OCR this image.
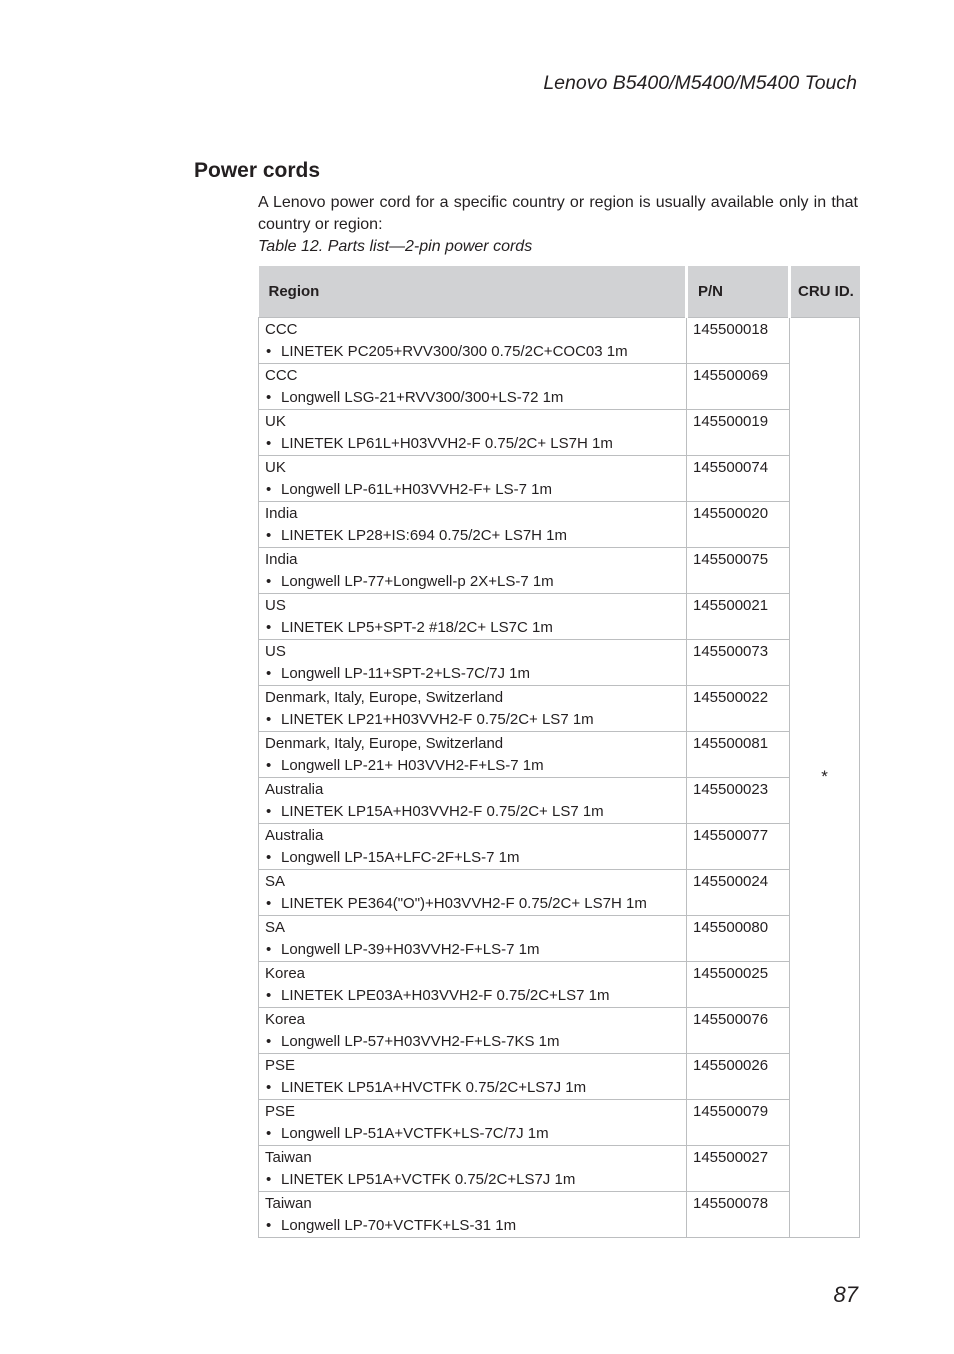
Lenovo B5400/M5400/M5400 Touch
Power cords
A Lenovo power cord for a specific country or region is usually available only in that country or region:
Table 12. Parts list—2-pin power cords
Region	P/N	CRU ID.

CCC
• LINETEK PC205+RVV300/300 0.75/2C+COC03 1m	145500018	*

CCC
• Longwell LSG-21+RVV300/300+LS-72 1m	145500069	

UK
• LINETEK LP61L+H03VVH2-F 0.75/2C+ LS7H 1m	145500019	

UK
• Longwell LP-61L+H03VVH2-F+ LS-7 1m	145500074	

India
• LINETEK LP28+IS:694 0.75/2C+ LS7H 1m	145500020	

India
• Longwell LP-77+Longwell-p 2X+LS-7 1m	145500075	

US
• LINETEK LP5+SPT-2 #18/2C+ LS7C 1m	145500021	

US
• Longwell LP-11+SPT-2+LS-7C/7J 1m	145500073	

Denmark, Italy, Europe, Switzerland
• LINETEK LP21+H03VVH2-F 0.75/2C+ LS7 1m	145500022	

Denmark, Italy, Europe, Switzerland
• Longwell LP-21+ H03VVH2-F+LS-7 1m	145500081	

Australia
• LINETEK LP15A+H03VVH2-F 0.75/2C+ LS7 1m	145500023	

Australia
• Longwell LP-15A+LFC-2F+LS-7 1m	145500077	

SA
• LINETEK PE364("O")+H03VVH2-F 0.75/2C+ LS7H 1m	145500024	

SA
• Longwell LP-39+H03VVH2-F+LS-7 1m	145500080	

Korea
• LINETEK LPE03A+H03VVH2-F 0.75/2C+LS7 1m	145500025	

Korea
• Longwell LP-57+H03VVH2-F+LS-7KS 1m	145500076	

PSE
• LINETEK LP51A+HVCTFK 0.75/2C+LS7J 1m	145500026	

PSE
• Longwell LP-51A+VCTFK+LS-7C/7J 1m	145500079	

Taiwan
• LINETEK LP51A+VCTFK 0.75/2C+LS7J 1m	145500027	

Taiwan
• Longwell LP-70+VCTFK+LS-31 1m	145500078	
87
